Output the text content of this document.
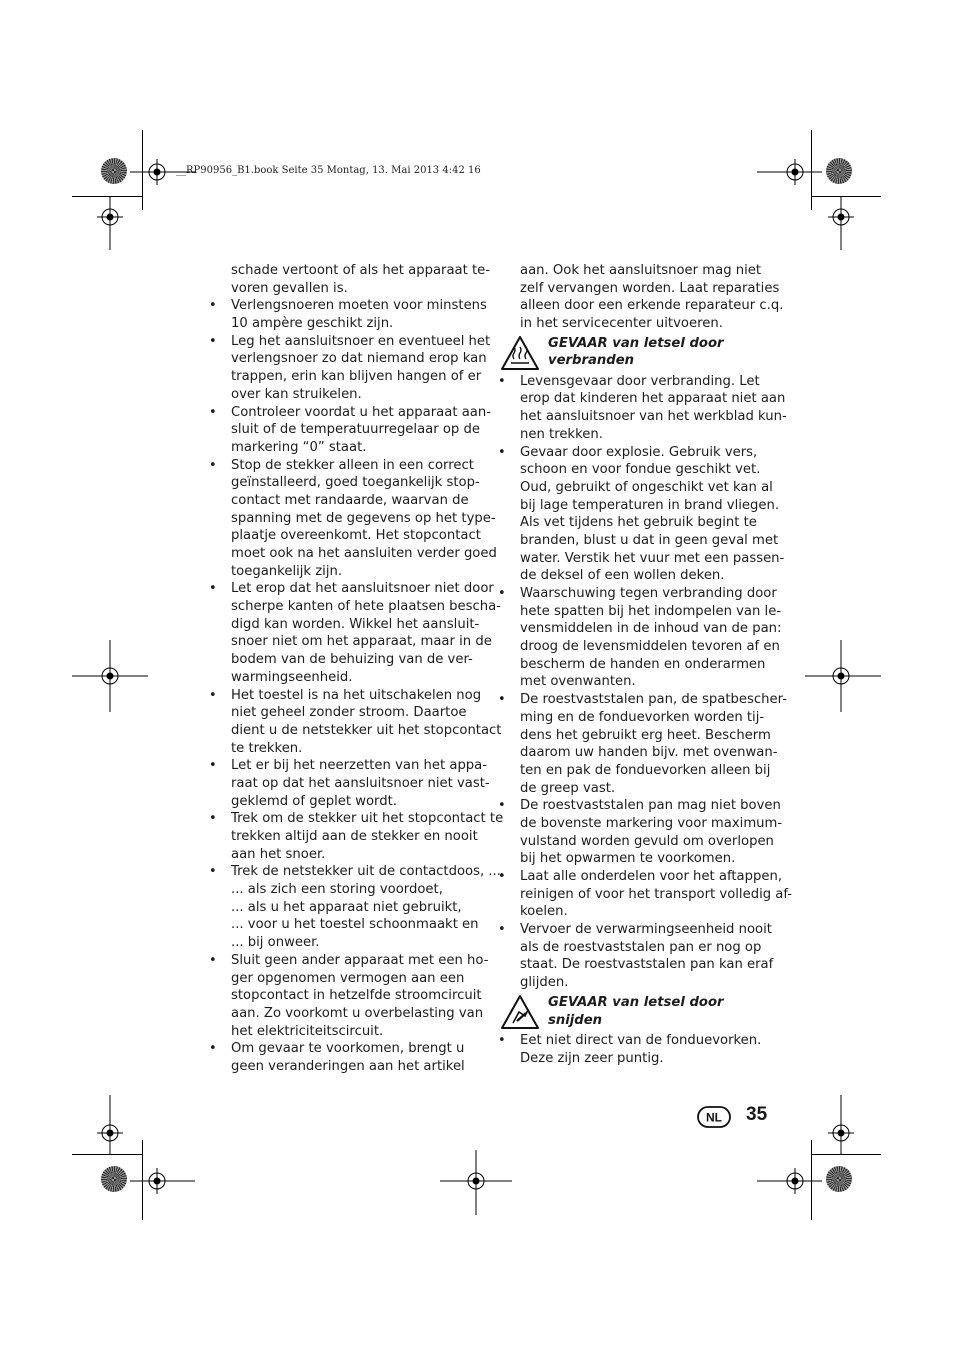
__RP90956_B1.book Seite 35 Montag, 13. Mai 2013 4:42 16
schade vertoont of als het apparaat te-
voren gevallen is.
• Verlengsnoeren moeten voor minstens
10 ampère geschikt zijn.
• Leg het aansluitsnoer en eventueel het
verlengsnoer zo dat niemand erop kan
trappen, erin kan blijven hangen of er
over kan struikelen.
• Controleer voordat u het apparaat aan-
sluit of de temperatuurregelaar op de
markering “0” staat.
• Stop de stekker alleen in een correct
geïnstalleerd, goed toegankelijk stop-
contact met randaarde, waarvan de
spanning met de gegevens op het type-
plaatje overeenkomt. Het stopcontact
moet ook na het aansluiten verder goed
toegankelijk zijn.
• Let erop dat het aansluitsnoer niet door
scherpe kanten of hete plaatsen bescha-
digd kan worden. Wikkel het aansluit-
snoer niet om het apparaat, maar in de
bodem van de behuizing van de ver-
warmingseenheid.
• Het toestel is na het uitschakelen nog
niet geheel zonder stroom. Daartoe
dient u de netstekker uit het stopcontact
te trekken.
• Let er bij het neerzetten van het appa-
raat op dat het aansluitsnoer niet vast-
geklemd of geplet wordt.
• Trek om de stekker uit het stopcontact te
trekken altijd aan de stekker en nooit
aan het snoer.
• Trek de netstekker uit de contactdoos, ...
... als zich een storing voordoet,
... als u het apparaat niet gebruikt,
... voor u het toestel schoonmaakt en
... bij onweer.
• Sluit geen ander apparaat met een ho-
ger opgenomen vermogen aan een
stopcontact in hetzelfde stroomcircuit
aan. Zo voorkomt u overbelasting van
het elektriciteitscircuit.
• Om gevaar te voorkomen, brengt u
geen veranderingen aan het artikel
aan. Ook het aansluitsnoer mag niet
zelf vervangen worden. Laat reparaties
alleen door een erkende reparateur c.q.
in het servicecenter uitvoeren.
GEVAAR van letsel door
verbranden
• Levensgevaar door verbranding. Let
erop dat kinderen het apparaat niet aan
het aansluitsnoer van het werkblad kun-
nen trekken.
• Gevaar door explosie. Gebruik vers,
schoon en voor fondue geschikt vet.
Oud, gebruikt of ongeschikt vet kan al
bij lage temperaturen in brand vliegen.
Als vet tijdens het gebruik begint te
branden, blust u dat in geen geval met
water. Verstik het vuur met een passen-
de deksel of een wollen deken.
• Waarschuwing tegen verbranding door
hete spatten bij het indompelen van le-
vensmiddelen in de inhoud van de pan:
droog de levensmiddelen tevoren af en
bescherm de handen en onderarmen
met ovenwanten.
• De roestvaststalen pan, de spatbescher-
ming en de fonduevorken worden tij-
dens het gebruikt erg heet. Bescherm
daarom uw handen bijv. met ovenwan-
ten en pak de fonduevorken alleen bij
de greep vast.
• De roestvaststalen pan mag niet boven
de bovenste markering voor maximum-
vulstand worden gevuld om overlopen
bij het opwarmen te voorkomen.
• Laat alle onderdelen voor het aftappen,
reinigen of voor het transport volledig af-
koelen.
• Vervoer de verwarmingseenheid nooit
als de roestvaststalen pan er nog op
staat. De roestvaststalen pan kan eraf
glijden.
GEVAAR van letsel door
snijden
• Eet niet direct van de fonduevorken.
Deze zijn zeer puntig.
NL 35
